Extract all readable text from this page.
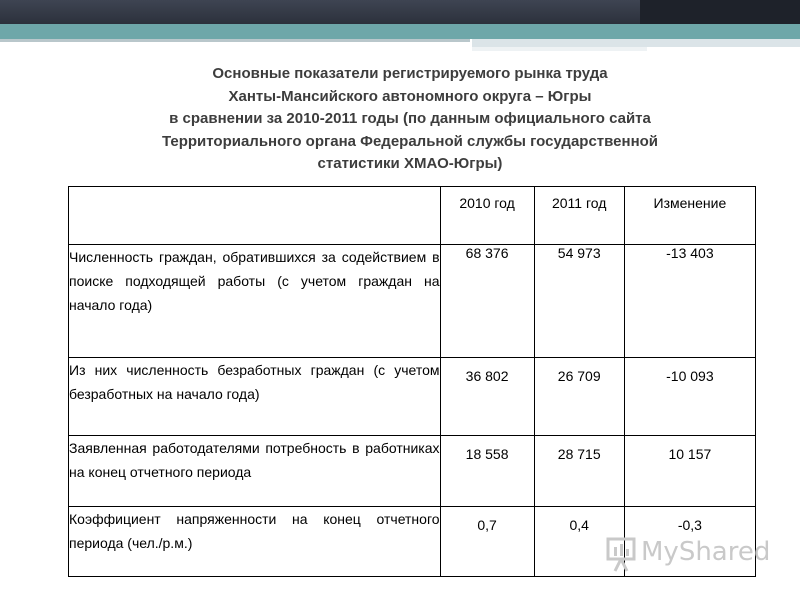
Основные показатели регистрируемого рынка труда
Ханты-Мансийского автономного округа – Югры
в сравнении за 2010-2011 годы (по данным официального сайта
Территориального органа Федеральной службы государственной
статистики ХМАО-Югры)
	2010 год	2011 год	Изменение
Численность граждан, обратившихся за содействием в поиске подходящей работы (с учетом граждан на начало года)	68 376	54 973	-13 403
Из них численность безработных граждан (с учетом безработных на начало года)	36 802	26 709	-10 093
Заявленная работодателями потребность в работниках на конец отчетного периода	18 558	28 715	10 157
Коэффициент напряженности на конец отчетного периода (чел./р.м.)	0,7	0,4	-0,3
MyShared
